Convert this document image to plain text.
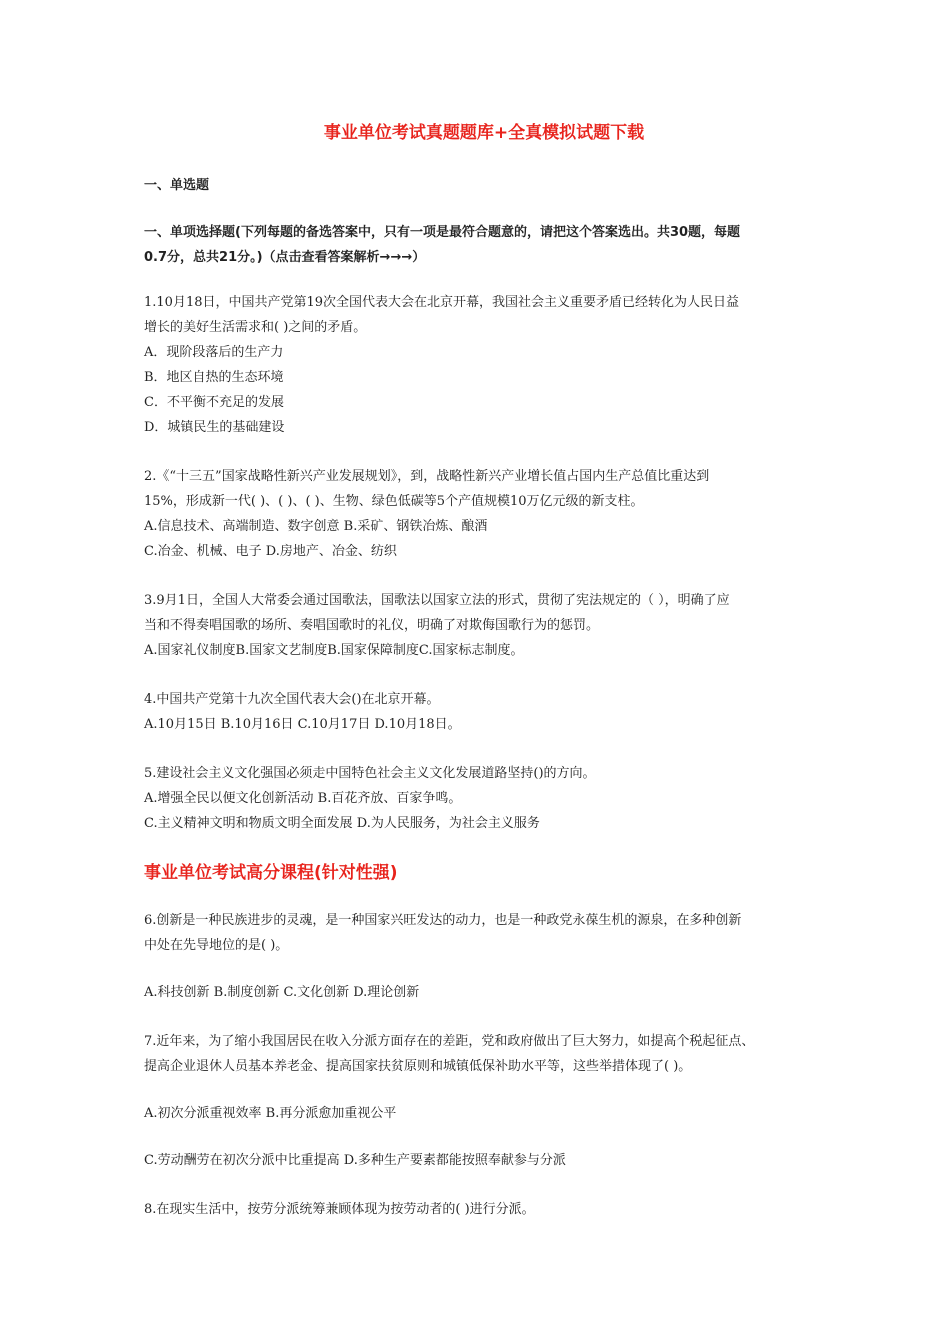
事业单位考试真题题库+全真模拟试题下载
一、单选题
一、单项选择题(下列每题的备选答案中，只有一项是最符合题意的，请把这个答案选出。共30题，每题
0.7分，总共21分。)（点击查看答案解析→→→）
1.10月18日，中国共产党第19次全国代表大会在北京开幕，我国社会主义重要矛盾已经转化为人民日益
增长的美好生活需求和( )之间的矛盾。
A．现阶段落后的生产力
B．地区自热的生态环境
C．不平衡不充足的发展
D．城镇民生的基础建设
2.《“十三五”国家战略性新兴产业发展规划》，到，战略性新兴产业增长值占国内生产总值比重达到
15%，形成新一代( )、( )、( )、生物、绿色低碳等5个产值规模10万亿元级的新支柱。
A.信息技术、高端制造、数字创意 B.采矿、钢铁冶炼、酿酒
C.冶金、机械、电子 D.房地产、冶金、纺织
3.9月1日，全国人大常委会通过国歌法，国歌法以国家立法的形式，贯彻了宪法规定的（ ），明确了应
当和不得奏唱国歌的场所、奏唱国歌时的礼仪，明确了对欺侮国歌行为的惩罚。
A.国家礼仪制度B.国家文艺制度B.国家保障制度C.国家标志制度。
4.中国共产党第十九次全国代表大会()在北京开幕。
A.10月15日 B.10月16日 C.10月17日 D.10月18日。
5.建设社会主义文化强国必须走中国特色社会主义文化发展道路坚持()的方向。
A.增强全民以便文化创新活动 B.百花齐放、百家争鸣。
C.主义精神文明和物质文明全面发展 D.为人民服务，为社会主义服务
事业单位考试高分课程(针对性强)
6.创新是一种民族进步的灵魂，是一种国家兴旺发达的动力，也是一种政党永葆生机的源泉，在多种创新
中处在先导地位的是( )。
A.科技创新 B.制度创新 C.文化创新 D.理论创新
7.近年来，为了缩小我国居民在收入分派方面存在的差距，党和政府做出了巨大努力，如提高个税起征点、
提高企业退休人员基本养老金、提高国家扶贫原则和城镇低保补助水平等，这些举措体现了( )。
A.初次分派重视效率 B.再分派愈加重视公平
C.劳动酬劳在初次分派中比重提高 D.多种生产要素都能按照奉献参与分派
8.在现实生活中，按劳分派统筹兼顾体现为按劳动者的( )进行分派。
